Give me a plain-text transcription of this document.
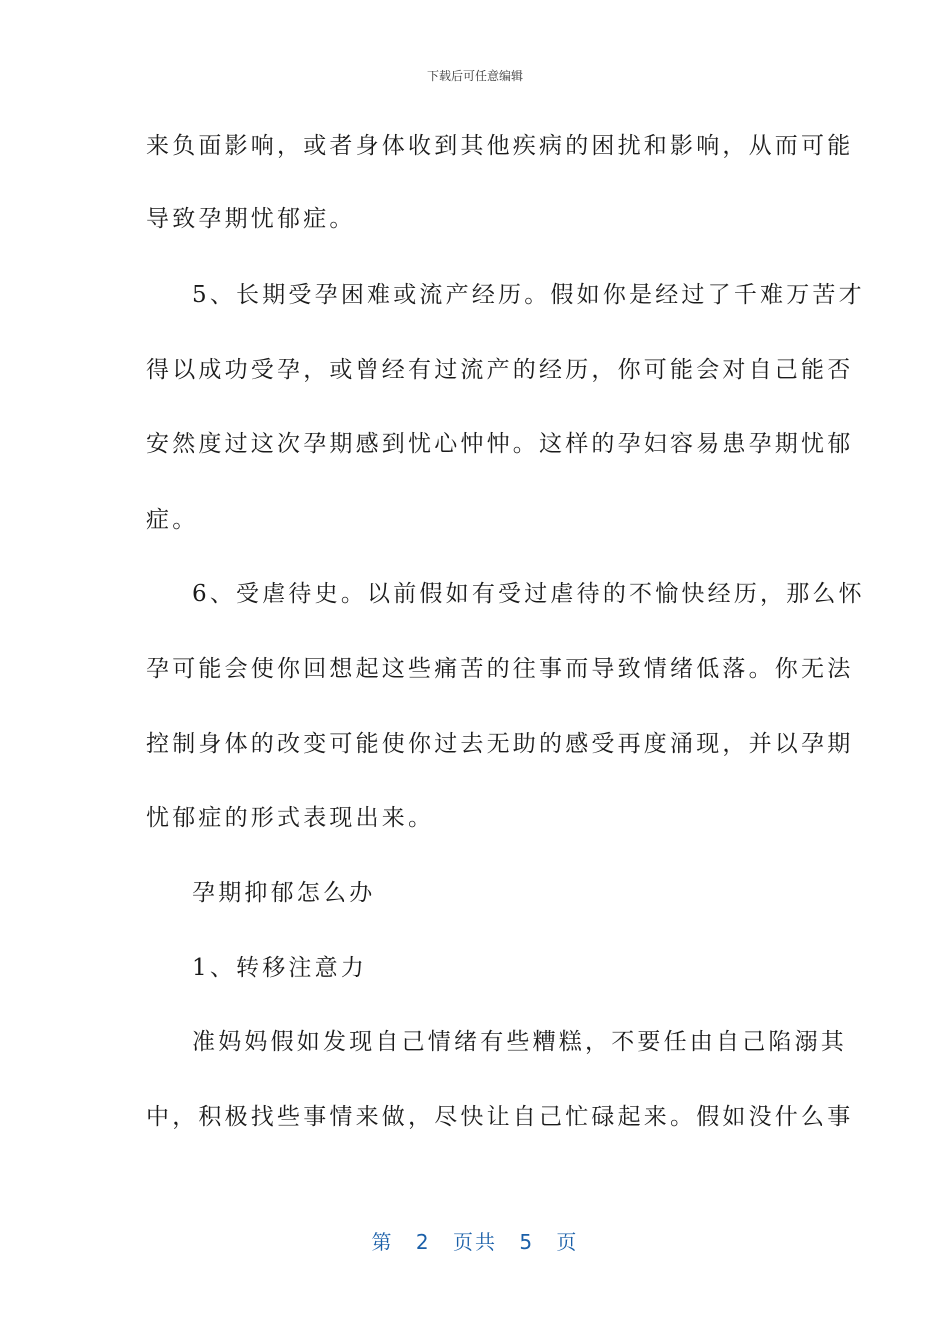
下载后可任意编辑
来负面影响，或者身体收到其他疾病的困扰和影响，从而可能
导致孕期忧郁症。
5、长期受孕困难或流产经历。假如你是经过了千难万苦才
得以成功受孕，或曾经有过流产的经历，你可能会对自己能否
安然度过这次孕期感到忧心忡忡。这样的孕妇容易患孕期忧郁
症。
6、受虐待史。以前假如有受过虐待的不愉快经历，那么怀
孕可能会使你回想起这些痛苦的往事而导致情绪低落。你无法
控制身体的改变可能使你过去无助的感受再度涌现，并以孕期
忧郁症的形式表现出来。
孕期抑郁怎么办
1、转移注意力
准妈妈假如发现自己情绪有些糟糕，不要任由自己陷溺其
中，积极找些事情来做，尽快让自己忙碌起来。假如没什么事
第 2 页共 5 页
